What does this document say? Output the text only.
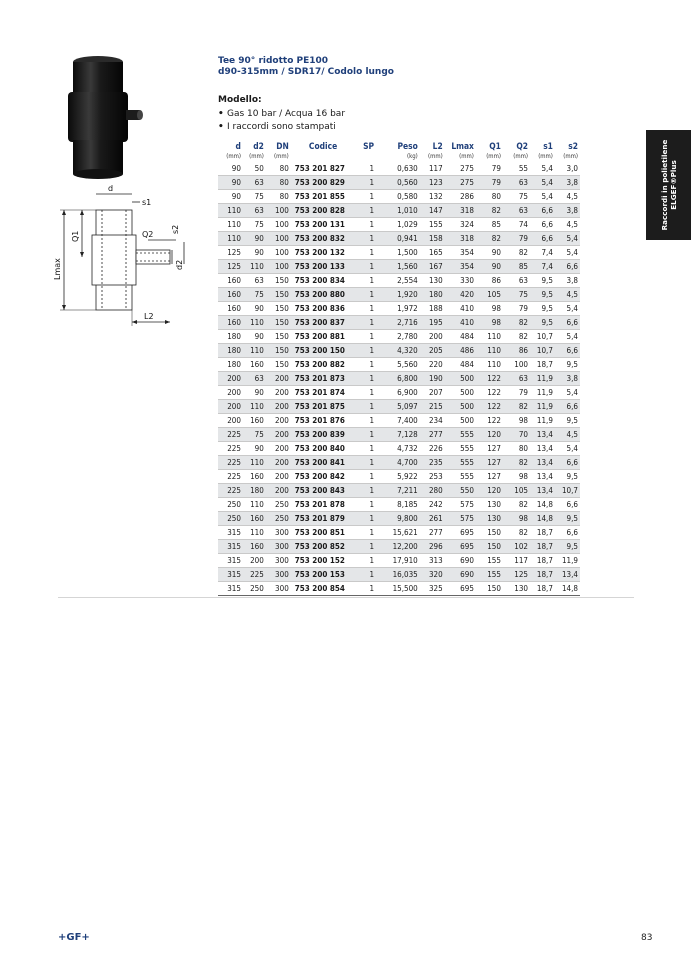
d
s1
Q2
s2
Q1
d2
Lmax
L2
Tee 90° ridotto PE100
d90-315mm / SDR17/ Codolo lungo
Modello:
• Gas 10 bar / Acqua 16 bar
• I raccordi sono stampati
d	d2	DN	Codice	SP	Peso	L2	Lmax	Q1	Q2	s1	s2
(mm)	(mm)	(mm)			(kg)	(mm)	(mm)	(mm)	(mm)	(mm)	(mm)
90	50	80	753 201 827	1	0,630	117	275	79	55	5,4	3,0
90	63	80	753 200 829	1	0,560	123	275	79	63	5,4	3,8
90	75	80	753 201 855	1	0,580	132	286	80	75	5,4	4,5
110	63	100	753 200 828	1	1,010	147	318	82	63	6,6	3,8
110	75	100	753 200 131	1	1,029	155	324	85	74	6,6	4,5
110	90	100	753 200 832	1	0,941	158	318	82	79	6,6	5,4
125	90	100	753 200 132	1	1,500	165	354	90	82	7,4	5,4
125	110	100	753 200 133	1	1,560	167	354	90	85	7,4	6,6
160	63	150	753 200 834	1	2,554	130	330	86	63	9,5	3,8
160	75	150	753 200 880	1	1,920	180	420	105	75	9,5	4,5
160	90	150	753 200 836	1	1,972	188	410	98	79	9,5	5,4
160	110	150	753 200 837	1	2,716	195	410	98	82	9,5	6,6
180	90	150	753 200 881	1	2,780	200	484	110	82	10,7	5,4
180	110	150	753 200 150	1	4,320	205	486	110	86	10,7	6,6
180	160	150	753 200 882	1	5,560	220	484	110	100	18,7	9,5
200	63	200	753 201 873	1	6,800	190	500	122	63	11,9	3,8
200	90	200	753 201 874	1	6,900	207	500	122	79	11,9	5,4
200	110	200	753 201 875	1	5,097	215	500	122	82	11,9	6,6
200	160	200	753 201 876	1	7,400	234	500	122	98	11,9	9,5
225	75	200	753 200 839	1	7,128	277	555	120	70	13,4	4,5
225	90	200	753 200 840	1	4,732	226	555	127	80	13,4	5,4
225	110	200	753 200 841	1	4,700	235	555	127	82	13,4	6,6
225	160	200	753 200 842	1	5,922	253	555	127	98	13,4	9,5
225	180	200	753 200 843	1	7,211	280	550	120	105	13,4	10,7
250	110	250	753 201 878	1	8,185	242	575	130	82	14,8	6,6
250	160	250	753 201 879	1	9,800	261	575	130	98	14,8	9,5
315	110	300	753 200 851	1	15,621	277	695	150	82	18,7	6,6
315	160	300	753 200 852	1	12,200	296	695	150	102	18,7	9,5
315	200	300	753 200 152	1	17,910	313	690	155	117	18,7	11,9
315	225	300	753 200 153	1	16,035	320	690	155	125	18,7	13,4
315	250	300	753 200 854	1	15,500	325	695	150	130	18,7	14,8
Raccordi in polietilene ELGEF®Plus
+GF+	83
